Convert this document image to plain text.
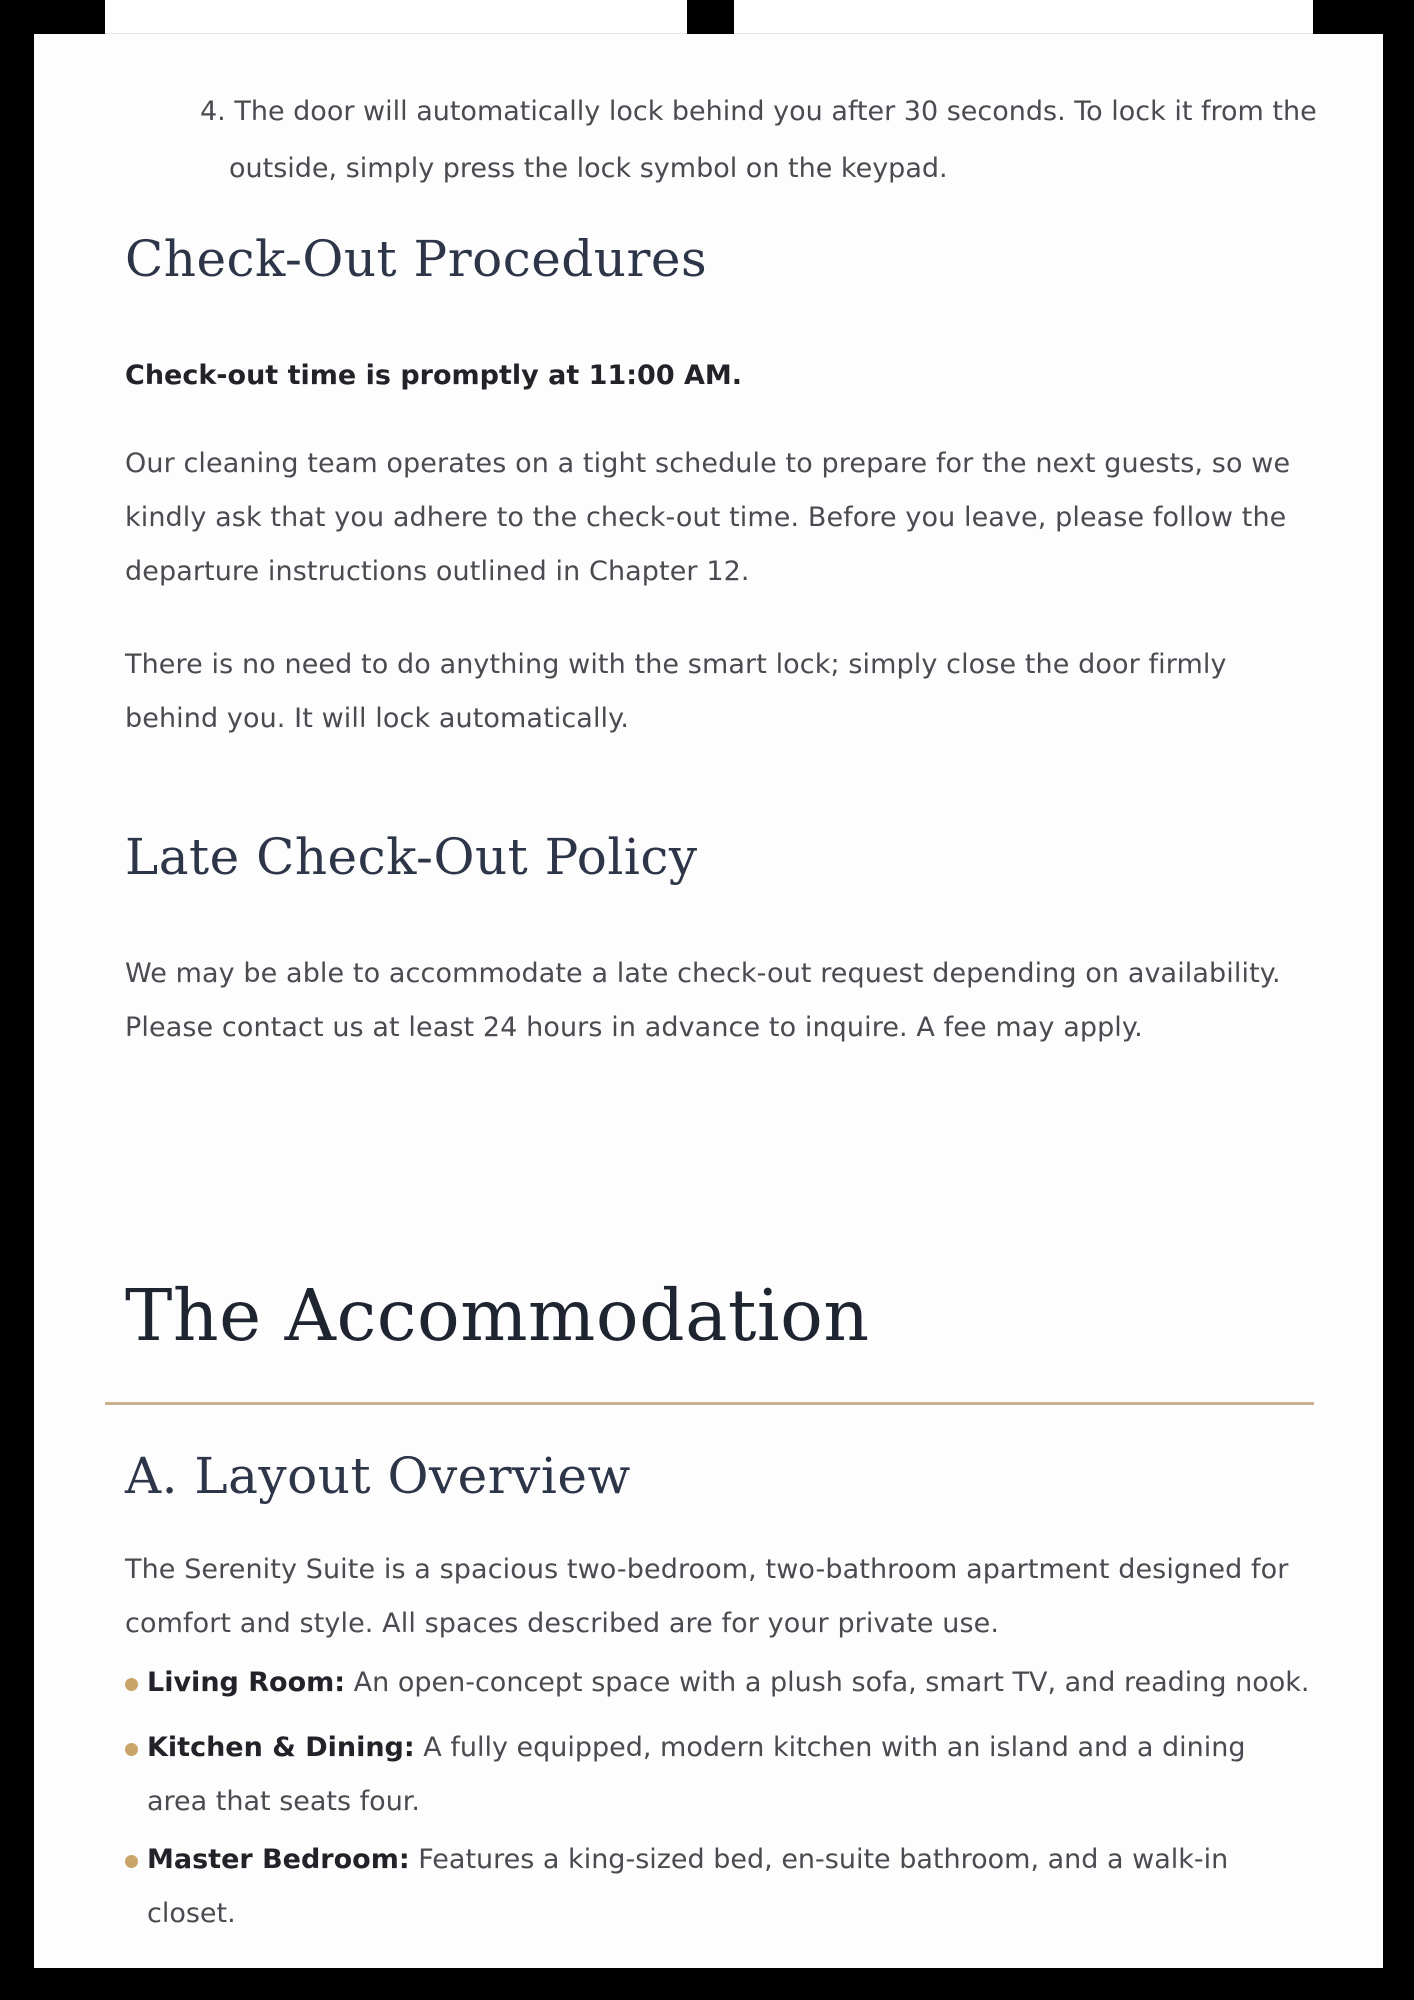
4. The door will automatically lock behind you after 30 seconds. To lock it from the outside, simply press the lock symbol on the keypad.
Check-Out Procedures

Check-out time is promptly at 11:00 AM.

Our cleaning team operates on a tight schedule to prepare for the next guests, so we kindly ask that you adhere to the check-out time. Before you leave, please follow the departure instructions outlined in Chapter 12.

There is no need to do anything with the smart lock; simply close the door firmly behind you. It will lock automatically.

Late Check-Out Policy

We may be able to accommodate a late check-out request depending on availability. Please contact us at least 24 hours in advance to inquire. A fee may apply.

The Accommodation
A. Layout Overview

The Serenity Suite is a spacious two-bedroom, two-bathroom apartment designed for comfort and style. All spaces described are for your private use.

Living Room: An open-concept space with a plush sofa, smart TV, and reading nook.
Kitchen & Dining: A fully equipped, modern kitchen with an island and a dining area that seats four.
Master Bedroom: Features a king-sized bed, en-suite bathroom, and a walk-in closet.
